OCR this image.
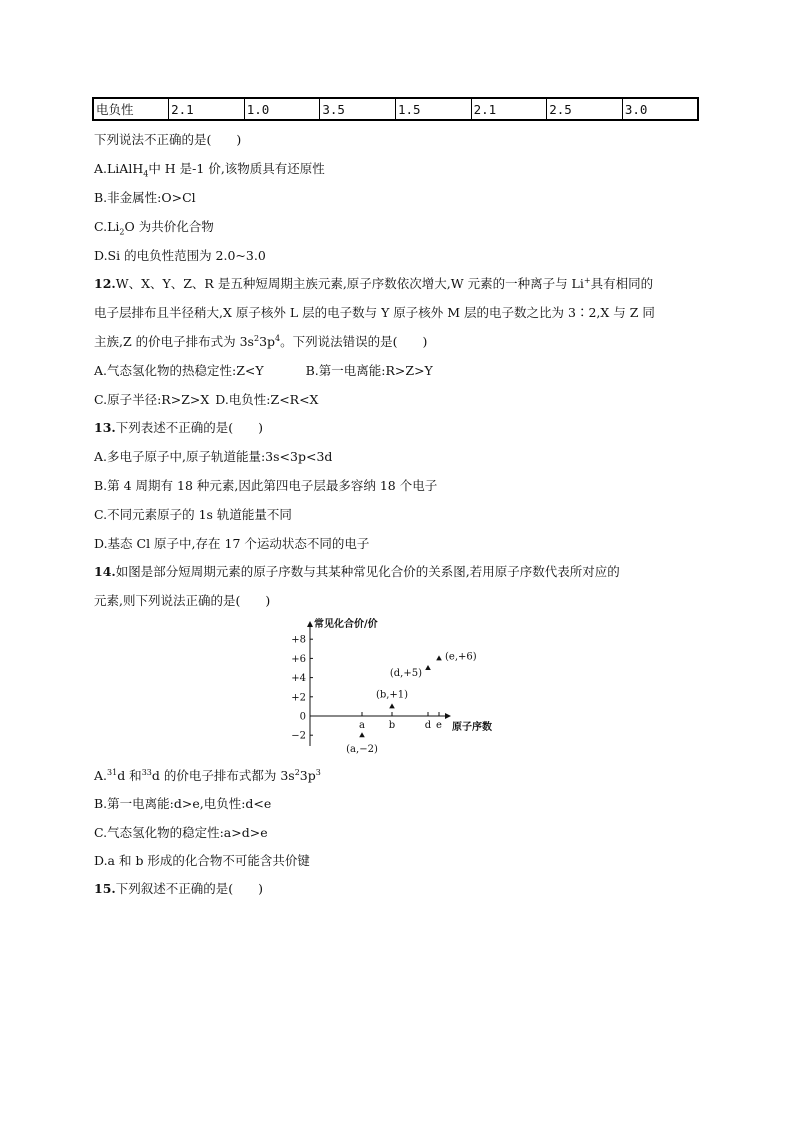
电负性	2.1	1.0	3.5	1.5	2.1	2.5	3.0
下列说法不正确的是(　　)
A.LiAlH$_4$中 H 是-1 价,该物质具有还原性
B.非金属性:O>Cl
$C.Li_2O$ 为共价化合物
D.Si 的电负性范围为 2.0~3.0
12.W、X、Y、Z、R 是五种短周期主族元素,原子序数依次增大,W 元素的一种离子与 Li+具有相同的
电子层排布且半径稍大,X 原子核外 L 层的电子数与 Y 原子核外 M 层的电子数之比为 3∶2,X 与 Z 同
主族,Z 的价电子排布式为 $3s^23p^4$。下列说法错误的是(　　)
A.气态氢化物的热稳定性:Z<Y	B.第一电离能:R>Z>Y
C.原子半径:R>Z>X D.电负性:Z<R<X
13.下列表述不正确的是(　　)
A.多电子原子中,原子轨道能量:3s<3p<3d
B.第 4 周期有 18 种元素,因此第四电子层最多容纳 18 个电子
C.不同元素原子的 1s 轨道能量不同
D.基态 Cl 原子中,存在 17 个运动状态不同的电子
14.如图是部分短周期元素的原子序数与其某种常见化合价的关系图,若用原子序数代表所对应的
元素,则下列说法正确的是(　　)
常见化合价/价
原子序数
+8
+6
+4
+2
0
−2
a b	d e
(a,−2)
(b,+1)
(d,+5)
(e,+6)
A.$^{31}$d 和$^{33}$d 的价电子排布式都为 $3s^23p^3$
B.第一电离能:d>e,电负性:d<e
C.气态氢化物的稳定性:a>d>e
D.a 和 b 形成的化合物不可能含共价键
15.下列叙述不正确的是(　　)
